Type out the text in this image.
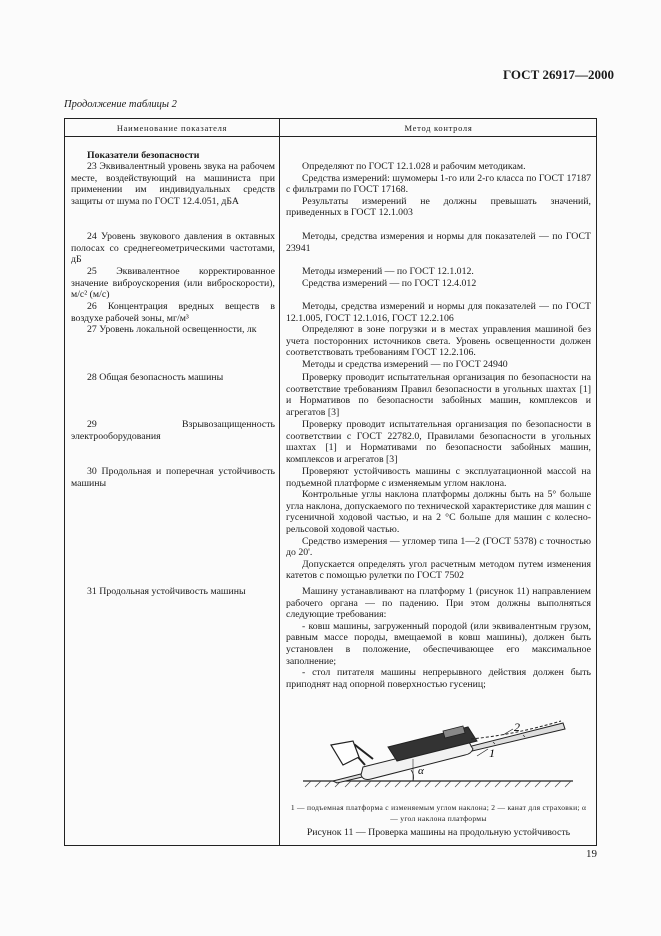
ГОСТ 26917—2000
Продолжение таблицы 2
Наименование показателя	Метод контроля

Показатели безопасности

23 Эквивалентный уровень звука на рабочем месте, воздействующий на машиниста при применении им индивидуальных средств защиты от шума по ГОСТ 12.4.051, дБА

24 Уровень звукового давления в октавных полосах со среднегеометрическими частотами, дБ

25 Эквивалентное корректированное значение виброускорения (или виброскорости), м/с² (м/с)

26 Концентрация вредных веществ в воздухе рабочей зоны, мг/м³

27 Уровень локальной освещенности, лк

28 Общая безопасность машины

29 Взрывозащищенность электрооборудования

30 Продольная и поперечная устойчивость машины

31 Продольная устойчивость машины

Определяют по ГОСТ 12.1.028 и рабочим методикам.

Средства измерений: шумомеры 1-го или 2-го класса по ГОСТ 17187 с фильтрами по ГОСТ 17168.

Результаты измерений не должны превышать значений, приведенных в ГОСТ 12.1.003

Методы, средства измерения и нормы для показателей — по ГОСТ 23941

Методы измерений — по ГОСТ 12.1.012.

Средства измерений — по ГОСТ 12.4.012

Методы, средства измерений и нормы для показателей — по ГОСТ 12.1.005, ГОСТ 12.1.016, ГОСТ 12.2.106

Определяют в зоне погрузки и в местах управления машиной без учета посторонних источников света. Уровень освещенности должен соответствовать требованиям ГОСТ 12.2.106.

Методы и средства измерений — по ГОСТ 24940

Проверку проводит испытательная организация по безопасности на соответствие требованиям Правил безопасности в угольных шахтах [1] и Нормативов по безопасности забойных машин, комплексов и агрегатов [3]

Проверку проводит испытательная организация по безопасности в соответствии с ГОСТ 22782.0, Правилами безопасности в угольных шахтах [1] и Нормативами по безопасности забойных машин, комплексов и агрегатов [3]

Проверяют устойчивость машины с эксплуатационной массой на подъемной платформе с изменяемым углом наклона.

Контрольные углы наклона платформы должны быть на 5° больше угла наклона, допускаемого по технической характеристике для машин с гусеничной ходовой частью, и на 2 °С больше для машин с колесно-рельсовой ходовой частью.

Средство измерения — угломер типа 1—2 (ГОСТ 5378) с точностью до 20'.

Допускается определять угол расчетным методом путем изменения катетов с помощью рулетки по ГОСТ 7502

Машину устанавливают на платформу 1 (рисунок 11) направлением рабочего органа — по падению. При этом должны выполняться следующие требования:

- ковш машины, загруженный породой (или эквивалентным грузом, равным массе породы, вмещаемой в ковш машины), должен быть установлен в положение, обеспечивающее его максимальное заполнение;

- стол питателя машины непрерывного действия должен быть приподнят над опорной поверхностью гусениц;

α
1
2
1 — подъемная платформа с изменяемым углом наклона; 2 — канат для страховки; α — угол наклона платформы
Рисунок 11 — Проверка машины на продольную устойчивость
19
